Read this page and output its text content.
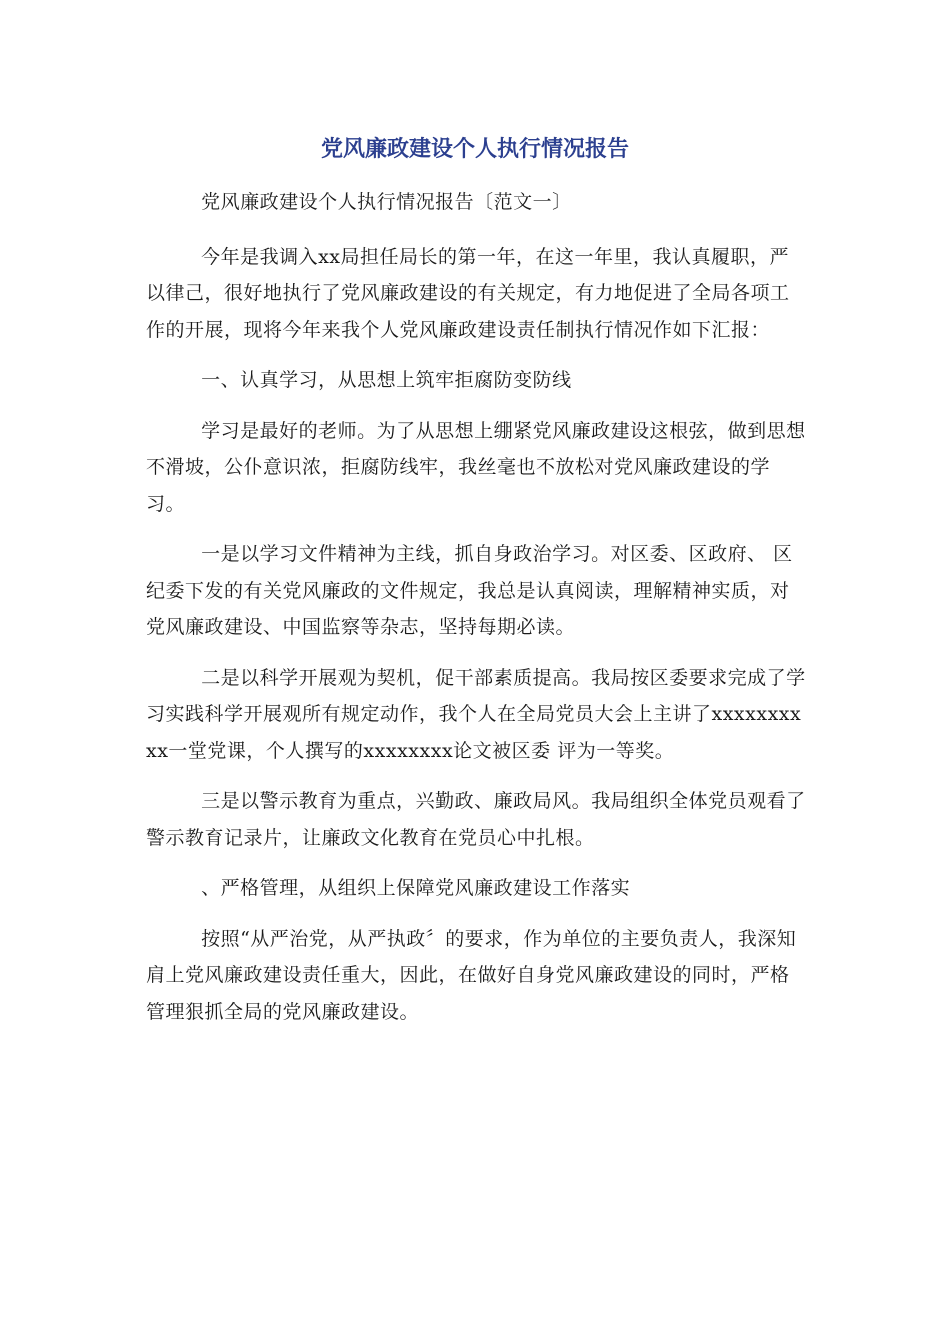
党风廉政建设个人执行情况报告

党风廉政建设个人执行情况报告〔范文一〕

今年是我调入xx局担任局长的第一年，在这一年里，我认真履职，严以律己，很好地执行了党风廉政建设的有关规定，有力地促进了全局各项工作的开展，现将今年来我个人党风廉政建设责任制执行情况作如下汇报：

一、认真学习，从思想上筑牢拒腐防变防线

学习是最好的老师。为了从思想上绷紧党风廉政建设这根弦，做到思想不滑坡，公仆意识浓，拒腐防线牢，我丝毫也不放松对党风廉政建设的学习。

一是以学习文件精神为主线，抓自身政治学习。对区委、区政府、 区纪委下发的有关党风廉政的文件规定，我总是认真阅读，理解精神实质，对党风廉政建设、中国监察等杂志，坚持每期必读。

二是以科学开展观为契机，促干部素质提高。我局按区委要求完成了学习实践科学开展观所有规定动作，我个人在全局党员大会上主讲了xxxxxxxxxx一堂党课，个人撰写的xxxxxxxx论文被区委 评为一等奖。

三是以警示教育为重点，兴勤政、廉政局风。我局组织全体党员观看了警示教育记录片，让廉政文化教育在党员心中扎根。

、严格管理，从组织上保障党风廉政建设工作落实

按照“从严治党，从严执政〞的要求，作为单位的主要负责人，我深知肩上党风廉政建设责任重大，因此，在做好自身党风廉政建设的同时，严格管理狠抓全局的党风廉政建设。
